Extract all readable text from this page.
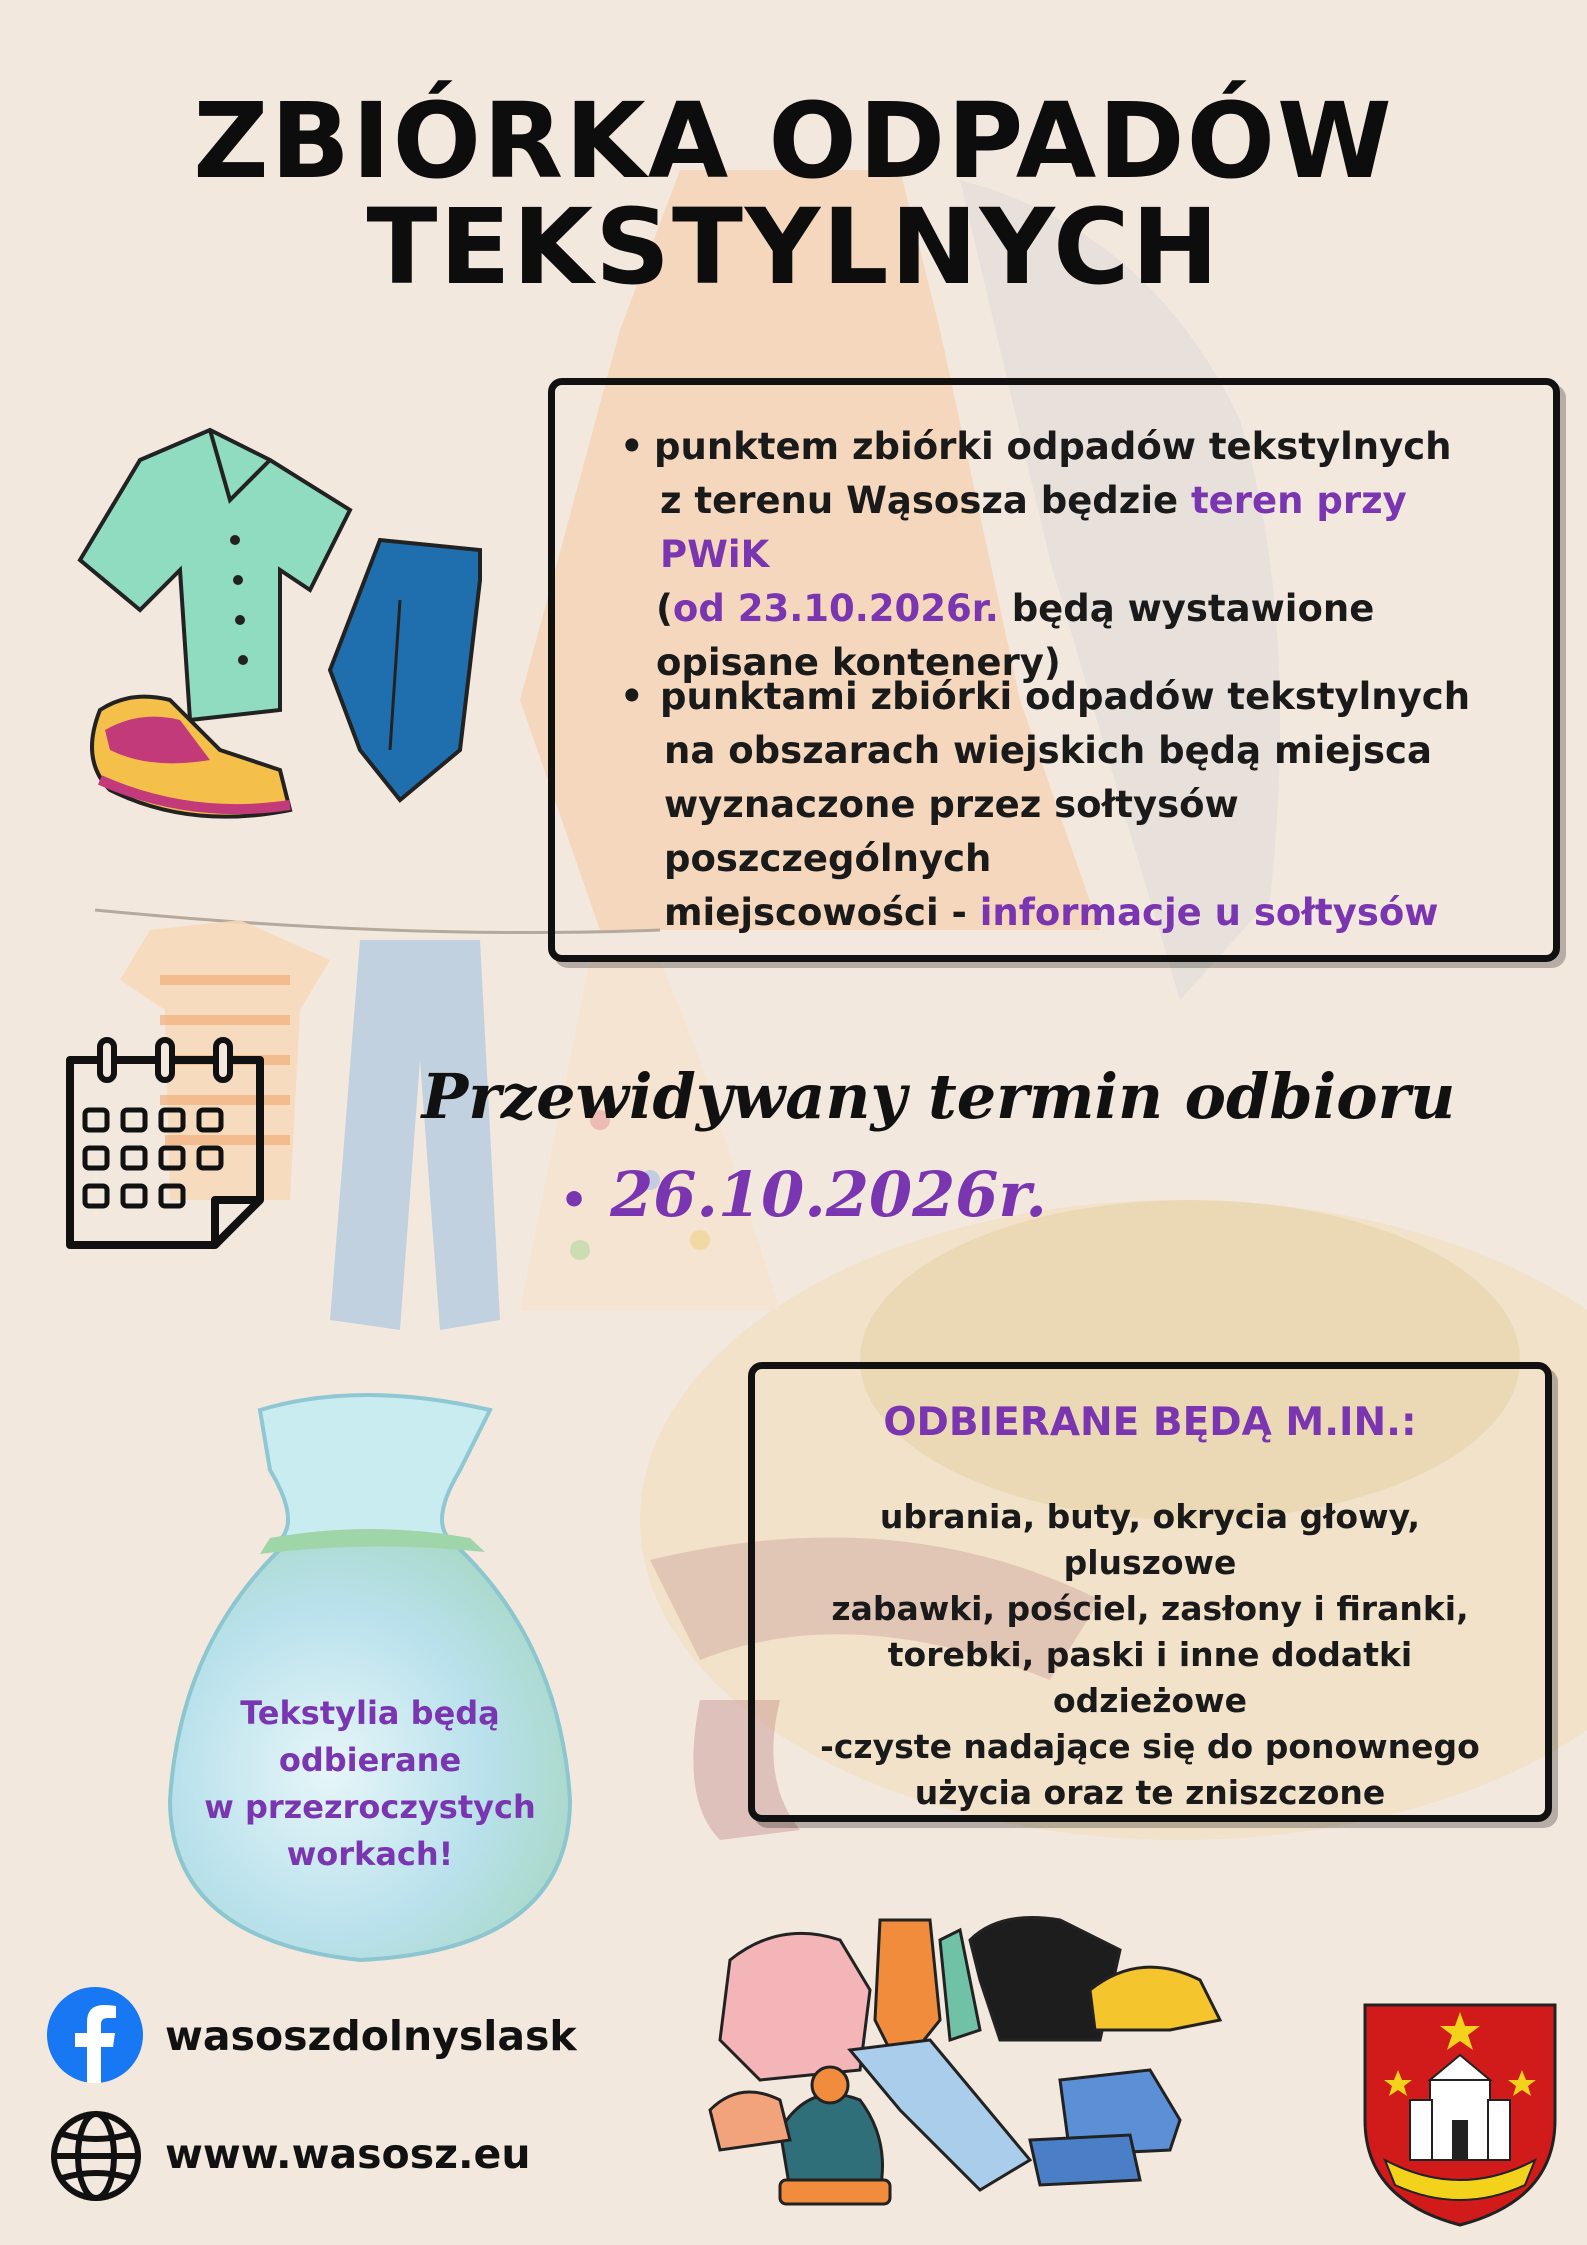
ZBIÓRKA ODPADÓW
TEKSTYLNYCH
• punktem zbiórki odpadów tekstylnych
z terenu Wąsosza będzie teren przy PWiK
(od 23.10.2026r. będą wystawione
opisane kontenery)
• punktami zbiórki odpadów tekstylnych
na obszarach wiejskich będą miejsca
wyznaczone przez sołtysów poszczególnych
miejscowości - informacje u sołtysów
Przewidywany termin odbioru
• 26.10.2026r.
Tekstylia będą
odbierane
w przezroczystych
workach!
ODBIERANE BĘDĄ M.IN.:
ubrania, buty, okrycia głowy, pluszowe
zabawki, pościel, zasłony i firanki,
torebki, paski i inne dodatki odzieżowe
-czyste nadające się do ponownego
użycia oraz te zniszczone
wasoszdolnyslask
www.wasosz.eu
